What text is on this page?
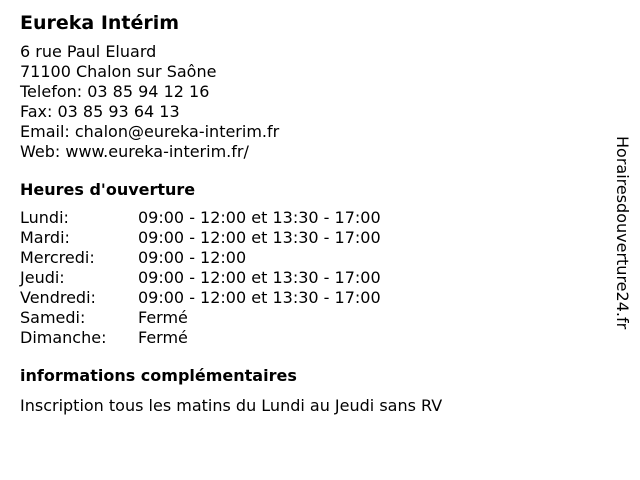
Eureka Intérim
6 rue Paul Eluard
71100 Chalon sur Saône
Telefon: 03 85 94 12 16
Fax: 03 85 93 64 13
Email: chalon@eureka-interim.fr
Web: www.eureka-interim.fr/
Heures d'ouverture
Lundi:	09:00 - 12:00 et 13:30 - 17:00
Mardi:	09:00 - 12:00 et 13:30 - 17:00
Mercredi:	09:00 - 12:00
Jeudi:	09:00 - 12:00 et 13:30 - 17:00
Vendredi:	09:00 - 12:00 et 13:30 - 17:00
Samedi:	Fermé
Dimanche:	Fermé
informations complémentaires
Inscription tous les matins du Lundi au Jeudi sans RV
Horairesdouverture24.fr
